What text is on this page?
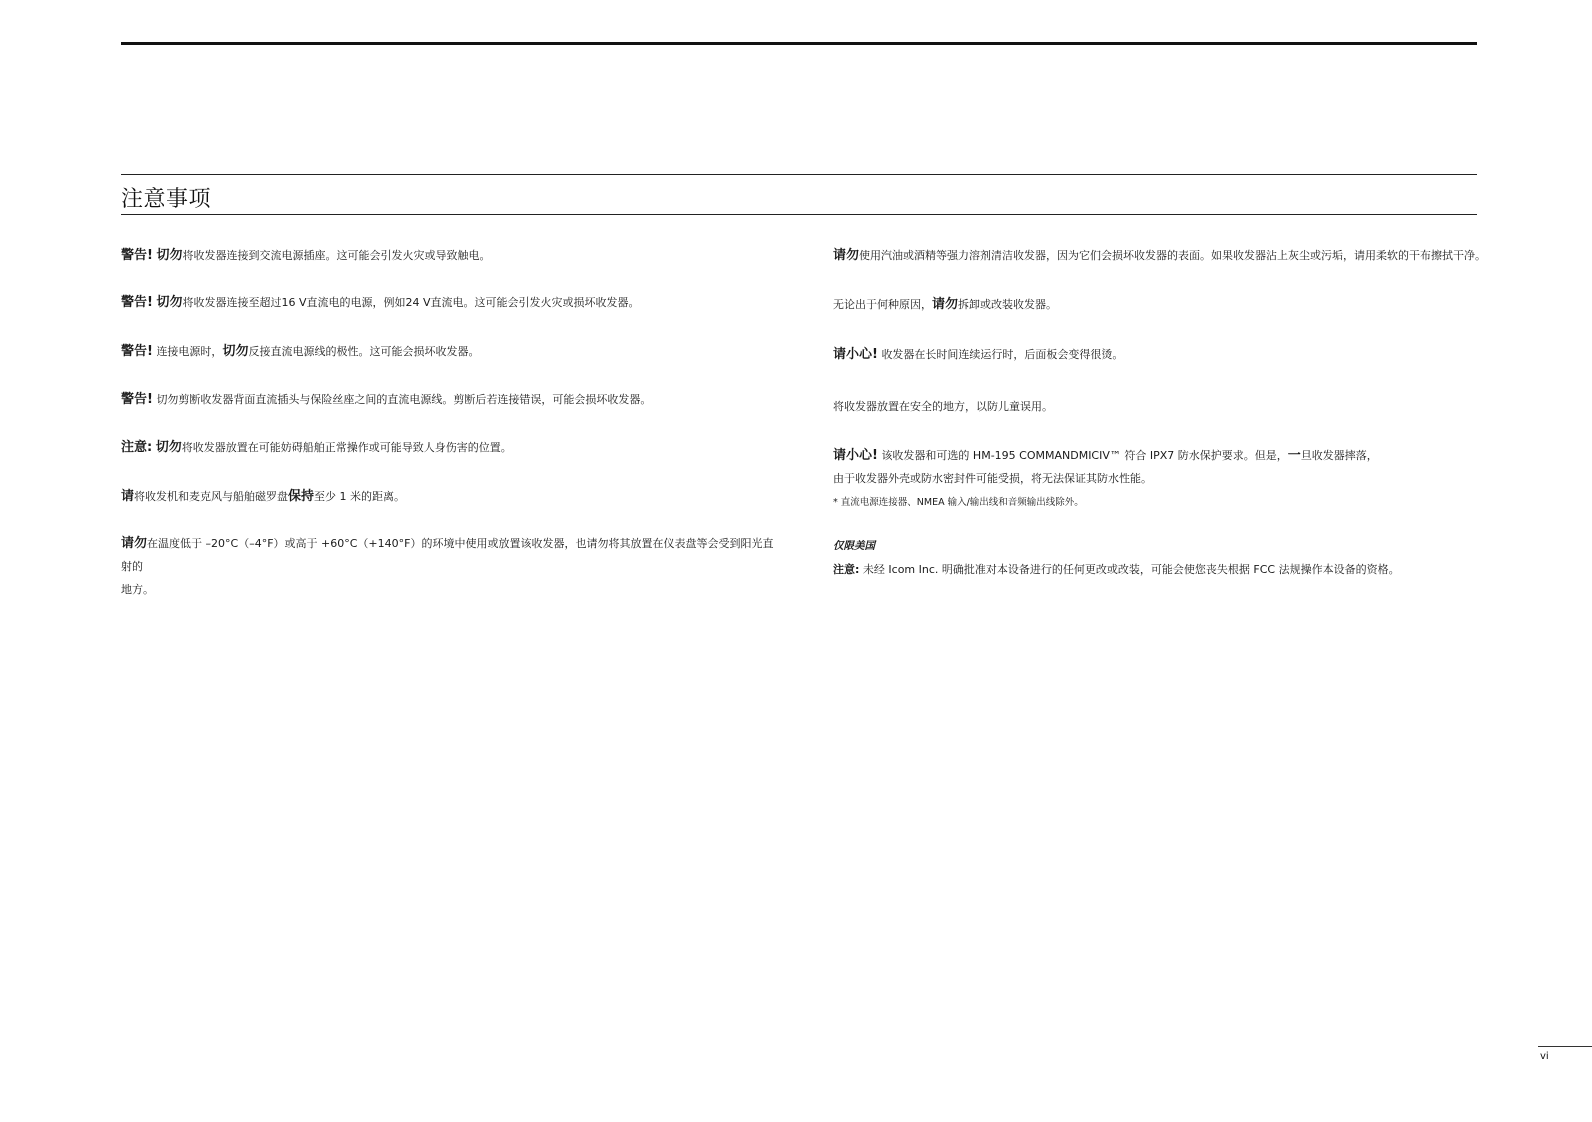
注意事项
警告! 切勿将收发器连接到交流电源插座。这可能会引发火灾或导致触电。
警告! 切勿将收发器连接至超过16 V直流电的电源，例如24 V直流电。这可能会引发火灾或损坏收发器。
警告! 连接电源时，切勿反接直流电源线的极性。这可能会损坏收发器。
警告! 切勿剪断收发器背面直流插头与保险丝座之间的直流电源线。剪断后若连接错误，可能会损坏收发器。
注意: 切勿将收发器放置在可能妨碍船舶正常操作或可能导致人身伤害的位置。
请将收发机和麦克风与船舶磁罗盘保持至少 1 米的距离。
请勿在温度低于 –20°C（–4°F）或高于 +60°C（+140°F）的环境中使用或放置该收发器，也请勿将其放置在仪表盘等会受到阳光直射的
地方。
请勿使用汽油或酒精等强力溶剂清洁收发器，因为它们会损坏收发器的表面。如果收发器沾上灰尘或污垢，请用柔软的干布擦拭干净。
无论出于何种原因，请勿拆卸或改装收发器。
请小心! 收发器在长时间连续运行时，后面板会变得很烫。
将收发器放置在安全的地方，以防儿童误用。
请小心! 该收发器和可选的 HM-195 COMMANDMICIV™ 符合 IPX7 防水保护要求。但是，一旦收发器摔落，
由于收发器外壳或防水密封件可能受损，将无法保证其防水性能。
* 直流电源连接器、NMEA 输入/输出线和音频输出线除外。
仅限美国
注意: 未经 Icom Inc. 明确批准对本设备进行的任何更改或改装，可能会使您丧失根据 FCC 法规操作本设备的资格。
vi
